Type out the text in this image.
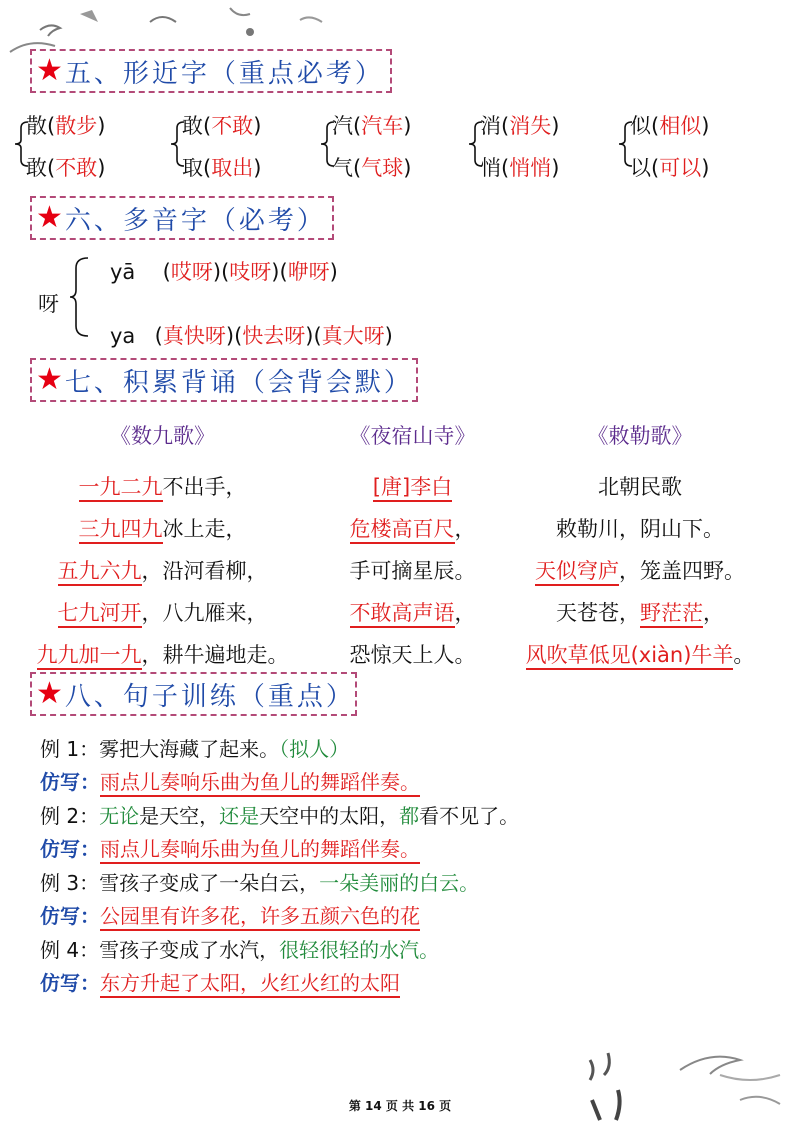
★ 五、形近字（重点必考）
散(散步)
敢(不敢)
敢(不敢)
取(取出)
汽(汽车)
气(气球)
消(消失)
悄(悄悄)
似(相似)
以(可以)
★ 六、多音字（必考）
呀
yā (哎呀)(吱呀)(咿呀)
ya (真快呀)(快去呀)(真大呀)
★ 七、积累背诵（会背会默）
《数九歌》
一九二九不出手，
三九四九冰上走，
五九六九，沿河看柳，
七九河开，八九雁来，
九九加一九，耕牛遍地走。
《夜宿山寺》
[唐]李白
危楼高百尺，
手可摘星辰。
不敢高声语，
恐惊天上人。
《敕勒歌》
北朝民歌
敕勒川，阴山下。
天似穹庐，笼盖四野。
天苍苍，野茫茫，
风吹草低见(xiàn)牛羊。
★ 八、句子训练（重点）
例 1：雾把大海藏了起来。（拟人）
仿写：雨点儿奏响乐曲为鱼儿的舞蹈伴奏。
例 2：无论是天空，还是天空中的太阳，都看不见了。
仿写：雨点儿奏响乐曲为鱼儿的舞蹈伴奏。
例 3：雪孩子变成了一朵白云，一朵美丽的白云。
仿写：公园里有许多花，许多五颜六色的花
例 4：雪孩子变成了水汽，很轻很轻的水汽。
仿写：东方升起了太阳，火红火红的太阳
第 14 页 共 16 页
